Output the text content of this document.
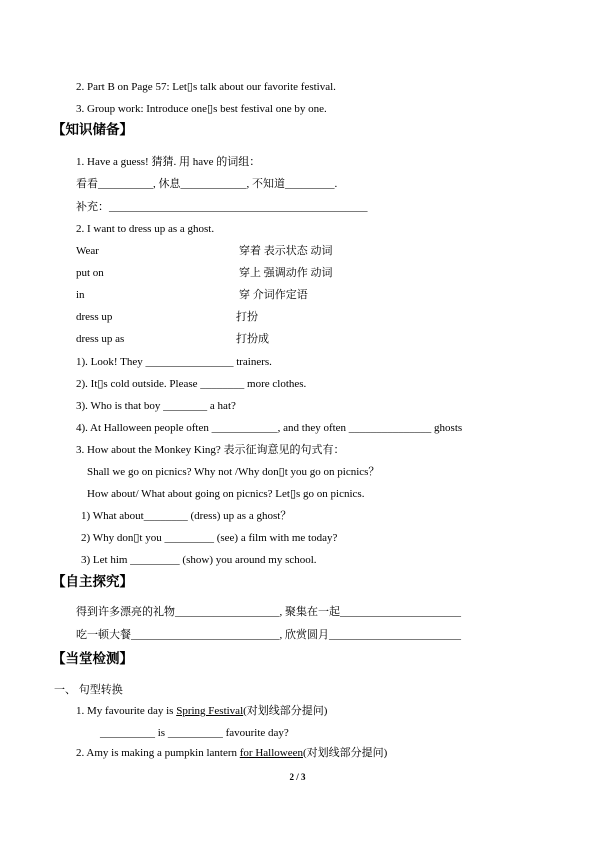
2. Part B on Page 57: Let▯s talk about our favorite festival.
3. Group work: Introduce one▯s best festival one by one.
【知识储备】
1. Have a guess! 猜猜. 用 have 的词组：
看看__________, 休息____________, 不知道_________.
补充：_______________________________________________
2. I want to dress up as a ghost.
Wear	穿着 表示状态 动词
put on	穿上 强调动作 动词
in	穿 介词作定语
dress up	打扮
dress up as	打扮成
1). Look! They ________________ trainers.
2). It▯s cold outside. Please ________ more clothes.
3). Who is that boy ________ a hat?
4). At Halloween people often ____________, and they often _______________ ghosts
3. How about the Monkey King? 表示征询意见的句式有：
Shall we go on picnics? Why not /Why don▯t you go on picnics？
How about/ What about going on picnics? Let▯s go on picnics.
1) What about________ (dress) up as a ghost？
2) Why don▯t you _________ (see) a film with me today?
3) Let him _________ (show) you around my school.
【自主探究】
得到许多漂亮的礼物___________________, 聚集在一起______________________
吃一顿大餐___________________________, 欣赏圆月________________________
【当堂检测】
一、 句型转换
1. My favourite day is Spring Festival(对划线部分提问)
__________ is __________ favourite day?
2. Amy is making a pumpkin lantern for Halloween(对划线部分提问)
2 / 3
